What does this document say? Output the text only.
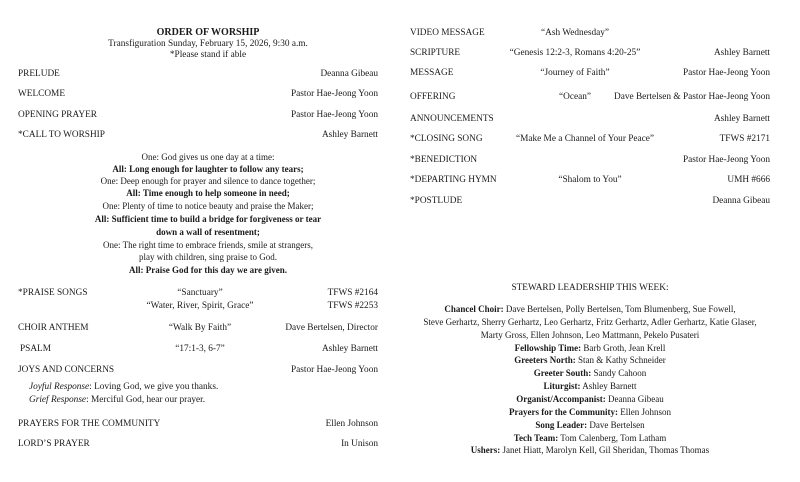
ORDER OF WORSHIP
Transfiguration Sunday, February 15, 2026, 9:30 a.m.
*Please stand if able
PRELUDE	Deanna Gibeau
WELCOME	Pastor Hae-Jeong Yoon
OPENING PRAYER	Pastor Hae-Jeong Yoon
*CALL TO WORSHIP	Ashley Barnett
One: God gives us one day at a time:
All: Long enough for laughter to follow any tears;
One: Deep enough for prayer and silence to dance together;
All: Time enough to help someone in need;
One: Plenty of time to notice beauty and praise the Maker;
All: Sufficient time to build a bridge for forgiveness or tear
down a wall of resentment;
One: The right time to embrace friends, smile at strangers,
play with children, sing praise to God.
All: Praise God for this day we are given.
*PRAISE SONGS	“Sanctuary”	TFWS #2164
“Water, River, Spirit, Grace”	TFWS #2253
CHOIR ANTHEM	“Walk By Faith”	Dave Bertelsen, Director
PSALM	“17:1-3, 6-7”	Ashley Barnett
JOYS AND CONCERNS	Pastor Hae-Jeong Yoon
Joyful Response: Loving God, we give you thanks.
Grief Response: Merciful God, hear our prayer.
PRAYERS FOR THE COMMUNITY	Ellen Johnson
LORD’S PRAYER	In Unison
VIDEO MESSAGE	“Ash Wednesday”
SCRIPTURE	“Genesis 12:2-3, Romans 4:20-25”	Ashley Barnett
MESSAGE	“Journey of Faith”	Pastor Hae-Jeong Yoon
OFFERING	“Ocean”	Dave Bertelsen & Pastor Hae-Jeong Yoon
ANNOUNCEMENTS	Ashley Barnett
*CLOSING SONG	“Make Me a Channel of Your Peace”	TFWS #2171
*BENEDICTION	Pastor Hae-Jeong Yoon
*DEPARTING HYMN	“Shalom to You”	UMH #666
*POSTLUDE	Deanna Gibeau
STEWARD LEADERSHIP THIS WEEK:
Chancel Choir: Dave Bertelsen, Polly Bertelsen, Tom Blumenberg, Sue Fowell,
Steve Gerhartz, Sherry Gerhartz, Leo Gerhartz, Fritz Gerhartz, Adler Gerhartz, Katie Glaser,
Marty Gross, Ellen Johnson, Leo Mattmann, Pekelo Pusateri
Fellowship Time: Barb Groth, Jean Krell
Greeters North: Stan & Kathy Schneider
Greeter South: Sandy Cahoon
Liturgist: Ashley Barnett
Organist/Accompanist: Deanna Gibeau
Prayers for the Community: Ellen Johnson
Song Leader: Dave Bertelsen
Tech Team: Tom Calenberg, Tom Latham
Ushers: Janet Hiatt, Marolyn Kell, Gil Sheridan, Thomas Thomas
